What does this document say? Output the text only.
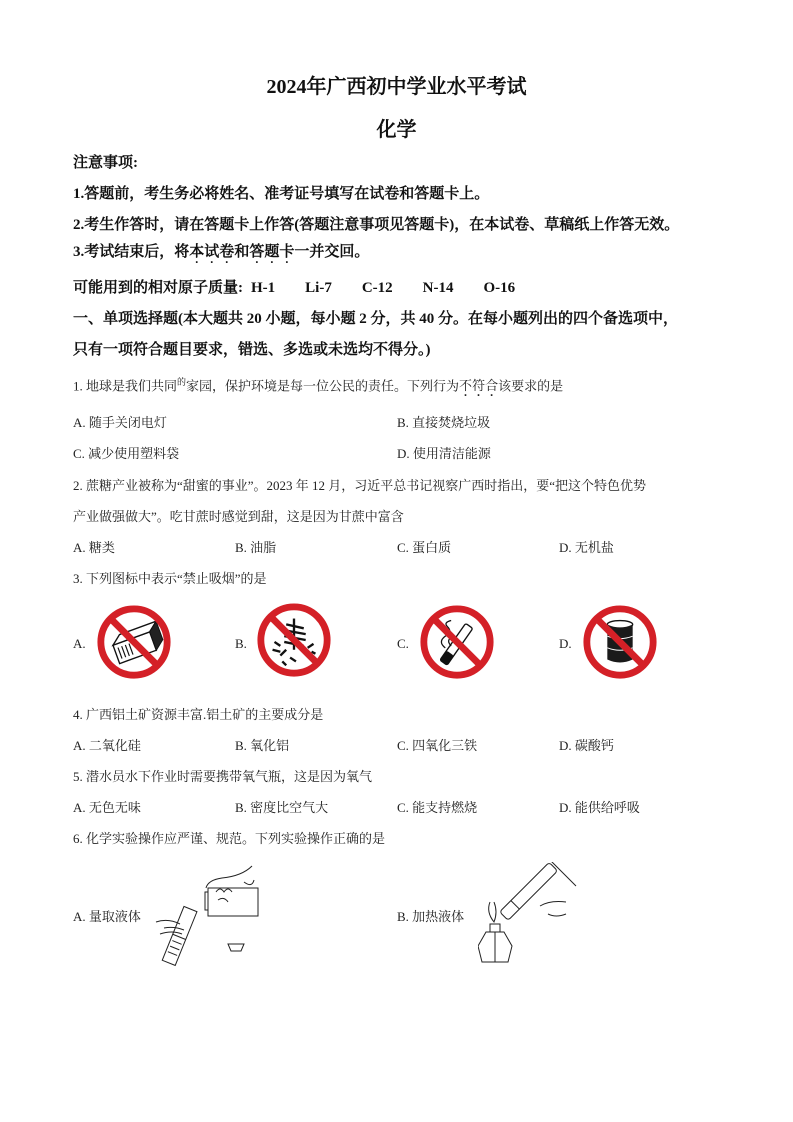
2024年广西初中学业水平考试
化学
注意事项:
1.答题前，考生务必将姓名、准考证号填写在试卷和答题卡上。
2.考生作答时，请在答题卡上作答(答题注意事项见答题卡)，在本试卷、草稿纸上作答无效。
3.考试结束后，将本试卷和答题卡一并交回。
可能用到的相对原子质量: H-1 Li-7 C-12 N-14 O-16
一、单项选择题(本大题共 20 小题，每小题 2 分，共 40 分。在每小题列出的四个备选项中，
只有一项符合题目要求，错选、多选或未选均不得分。)
1. 地球是我们共同$^的$家园，保护环境是每一位公民的责任。下列行为不符合该要求的是
A. 随手关闭电灯	B. 直接焚烧垃圾
C. 减少使用塑料袋	D. 使用清洁能源
2. 蔗糖产业被称为“甜蜜的事业”。2023 年 12 月，习近平总书记视察广西时指出，要“把这个特色优势
产业做强做大”。吃甘蔗时感觉到甜，这是因为甘蔗中富含
A. 糖类	B. 油脂	C. 蛋白质	D. 无机盐
3. 下列图标中表示“禁止吸烟”的是
A.	B.	C.	D.
4. 广西铝土矿资源丰富.铝土矿的主要成分是
A. 二氧化硅	B. 氧化铝	C. 四氧化三铁	D. 碳酸钙
5. 潜水员水下作业时需要携带氧气瓶，这是因为氧气
A. 无色无味	B. 密度比空气大	C. 能支持燃烧	D. 能供给呼吸
6. 化学实验操作应严谨、规范。下列实验操作正确的是
A. 量取液体	B. 加热液体
